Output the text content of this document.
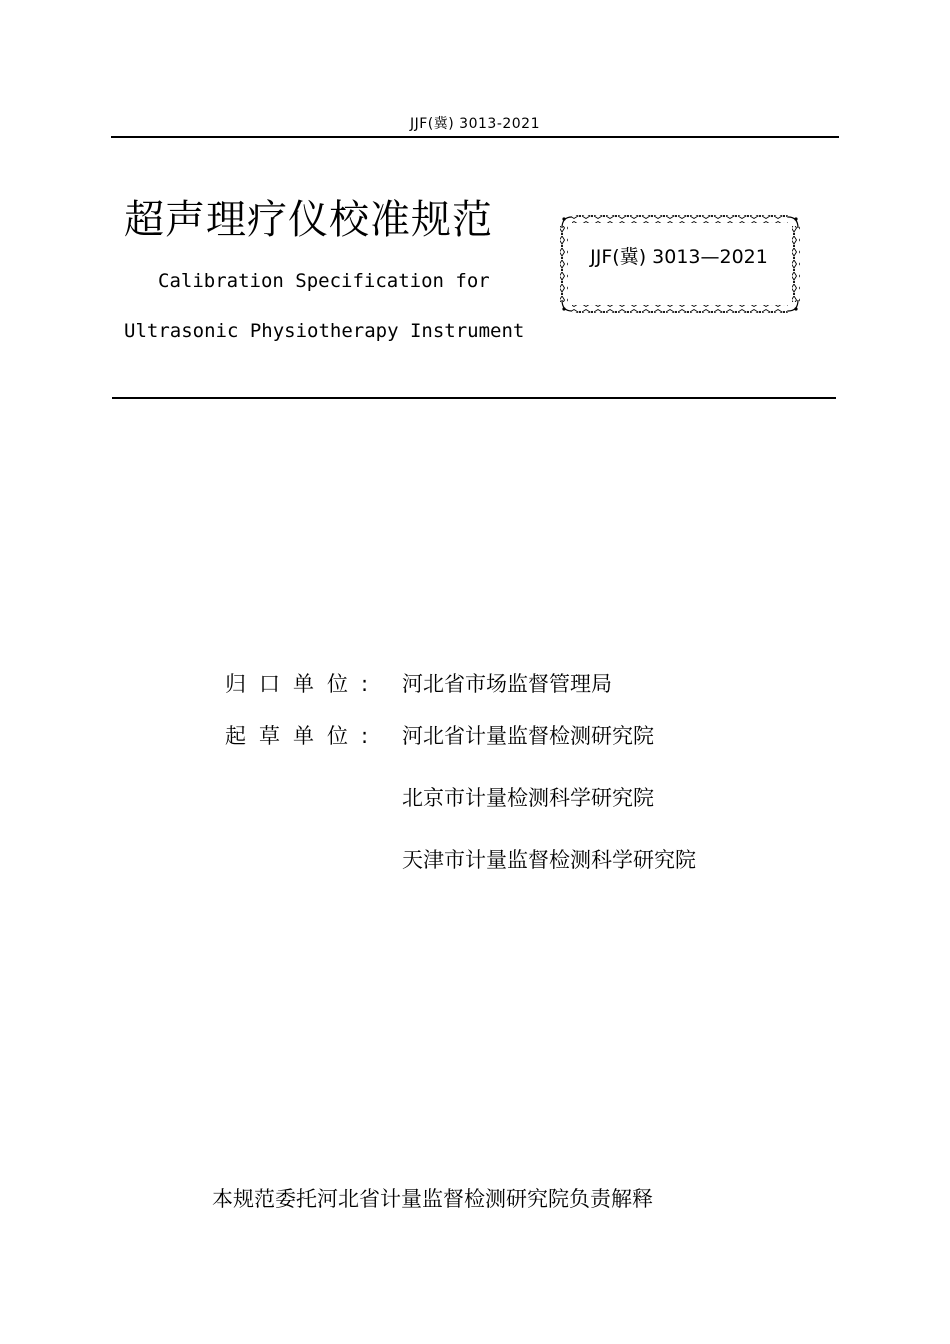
JJF(冀) 3013-2021
超声理疗仪校准规范
Calibration Specification for
Ultrasonic Physiotherapy Instrument
JJF(冀) 3013—2021
归口单位: 河北省市场监督管理局
起草单位: 河北省计量监督检测研究院
北京市计量检测科学研究院
天津市计量监督检测科学研究院
本规范委托河北省计量监督检测研究院负责解释
